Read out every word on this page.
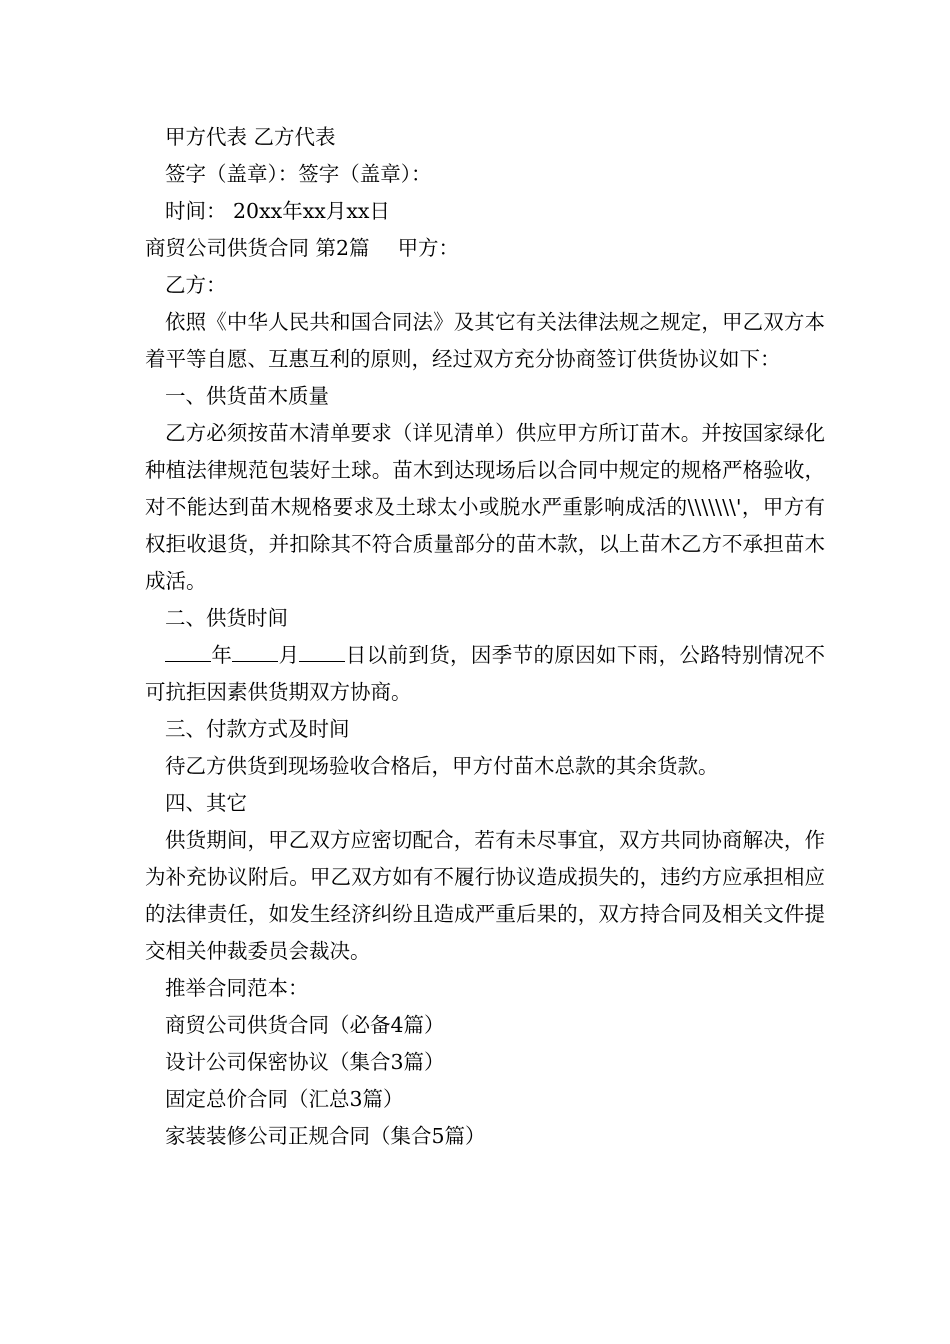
甲方代表 乙方代表
签字（盖章）：签字（盖章）：
时间： 20xx年xx月xx日
商贸公司供货合同 第2篇 甲方：
乙方：

依照《中华人民共和国合同法》及其它有关法律法规之规定，甲乙双方本着平等自愿、互惠互利的原则，经过双方充分协商签订供货协议如下：

一、供货苗木质量

乙方必须按苗木清单要求（详见清单）供应甲方所订苗木。并按国家绿化种植法律规范包装好土球。苗木到达现场后以合同中规定的规格严格验收，对不能达到苗木规格要求及土球太小或脱水严重影响成活的\\\\\\\'，甲方有权拒收退货，并扣除其不符合质量部分的苗木款，以上苗木乙方不承担苗木成活。

二、供货时间

年 月 日以前到货，因季节的原因如下雨，公路特别情况不可抗拒因素供货期双方协商。

三、付款方式及时间

待乙方供货到现场验收合格后，甲方付苗木总款的其余货款。

四、其它

供货期间，甲乙双方应密切配合，若有未尽事宜，双方共同协商解决，作为补充协议附后。甲乙双方如有不履行协议造成损失的，违约方应承担相应的法律责任，如发生经济纠纷且造成严重后果的，双方持合同及相关文件提交相关仲裁委员会裁决。

推举合同范本：
商贸公司供货合同（必备4篇）
设计公司保密协议（集合3篇）
固定总价合同（汇总3篇）
家装装修公司正规合同（集合5篇）
